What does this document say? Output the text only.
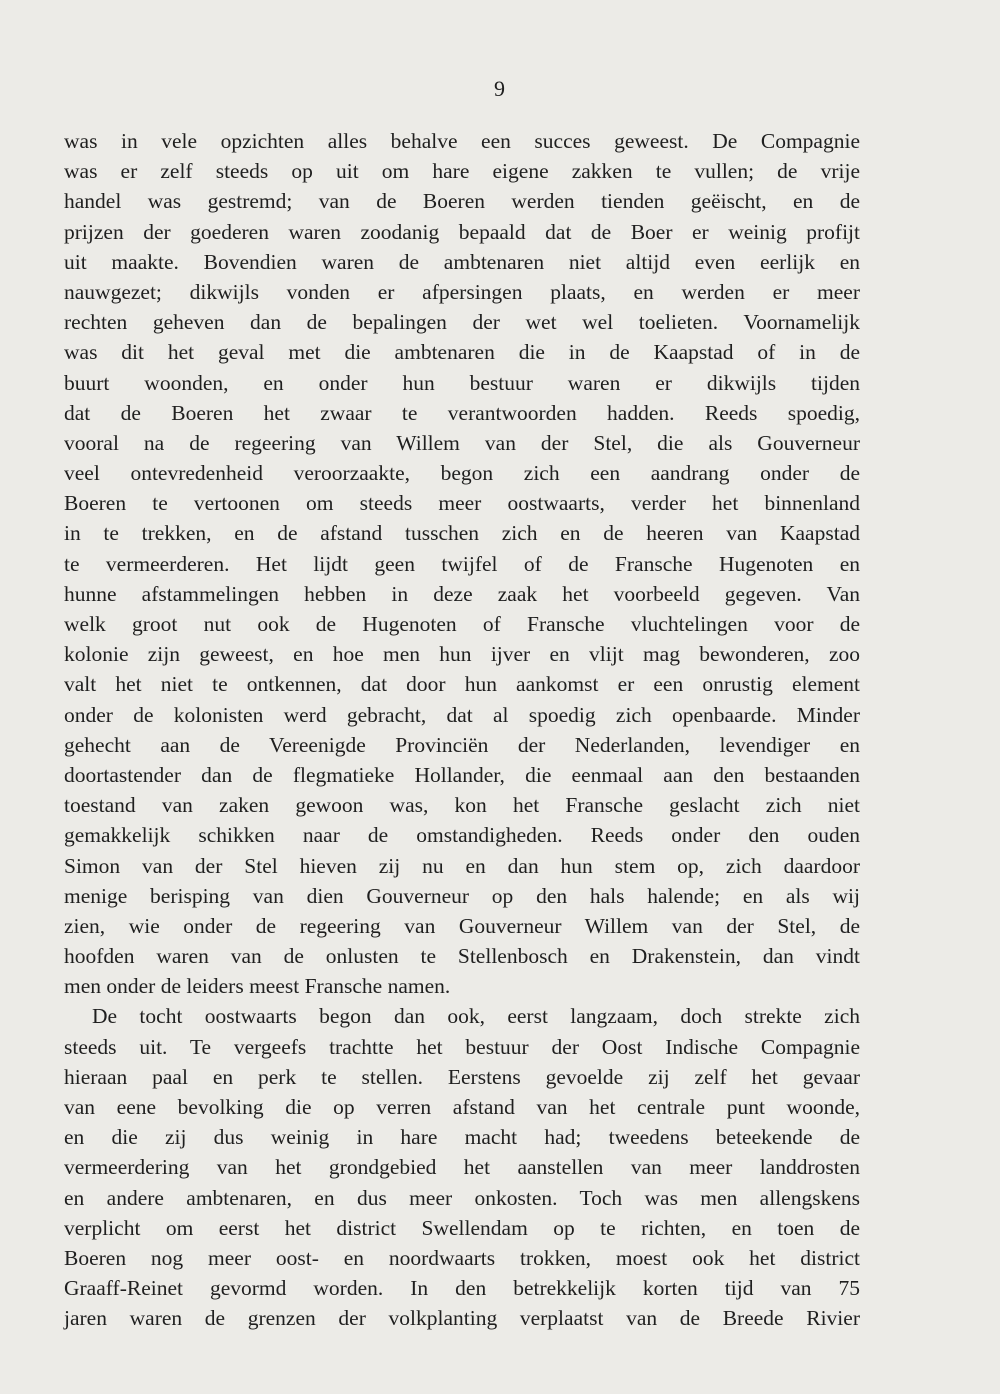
9
was in vele opzichten alles behalve een succes geweest. De Compagnie
was er zelf steeds op uit om hare eigene zakken te vullen; de vrije
handel was gestremd; van de Boeren werden tienden geëischt, en de
prijzen der goederen waren zoodanig bepaald dat de Boer er weinig profijt
uit maakte. Bovendien waren de ambtenaren niet altijd even eerlijk en
nauwgezet; dikwijls vonden er afpersingen plaats, en werden er meer
rechten geheven dan de bepalingen der wet wel toelieten. Voornamelijk
was dit het geval met die ambtenaren die in de Kaapstad of in de
buurt woonden, en onder hun bestuur waren er dikwijls tijden
dat de Boeren het zwaar te verantwoorden hadden. Reeds spoedig,
vooral na de regeering van Willem van der Stel, die als Gouverneur
veel ontevredenheid veroorzaakte, begon zich een aandrang onder de
Boeren te vertoonen om steeds meer oostwaarts, verder het binnenland
in te trekken, en de afstand tusschen zich en de heeren van Kaapstad
te vermeerderen. Het lijdt geen twijfel of de Fransche Hugenoten en
hunne afstammelingen hebben in deze zaak het voorbeeld gegeven. Van
welk groot nut ook de Hugenoten of Fransche vluchtelingen voor de
kolonie zijn geweest, en hoe men hun ijver en vlijt mag bewonderen, zoo
valt het niet te ontkennen, dat door hun aankomst er een onrustig element
onder de kolonisten werd gebracht, dat al spoedig zich openbaarde. Minder
gehecht aan de Vereenigde Provinciën der Nederlanden, levendiger en
doortastender dan de flegmatieke Hollander, die eenmaal aan den bestaanden
toestand van zaken gewoon was, kon het Fransche geslacht zich niet
gemakkelijk schikken naar de omstandigheden. Reeds onder den ouden
Simon van der Stel hieven zij nu en dan hun stem op, zich daardoor
menige berisping van dien Gouverneur op den hals halende; en als wij
zien, wie onder de regeering van Gouverneur Willem van der Stel, de
hoofden waren van de onlusten te Stellenbosch en Drakenstein, dan vindt
men onder de leiders meest Fransche namen.
De tocht oostwaarts begon dan ook, eerst langzaam, doch strekte zich
steeds uit. Te vergeefs trachtte het bestuur der Oost Indische Compagnie
hieraan paal en perk te stellen. Eerstens gevoelde zij zelf het gevaar
van eene bevolking die op verren afstand van het centrale punt woonde,
en die zij dus weinig in hare macht had; tweedens beteekende de
vermeerdering van het grondgebied het aanstellen van meer landdrosten
en andere ambtenaren, en dus meer onkosten. Toch was men allengskens
verplicht om eerst het district Swellendam op te richten, en toen de
Boeren nog meer oost- en noordwaarts trokken, moest ook het district
Graaff-Reinet gevormd worden. In den betrekkelijk korten tijd van 75
jaren waren de grenzen der volkplanting verplaatst van de Breede Rivier
